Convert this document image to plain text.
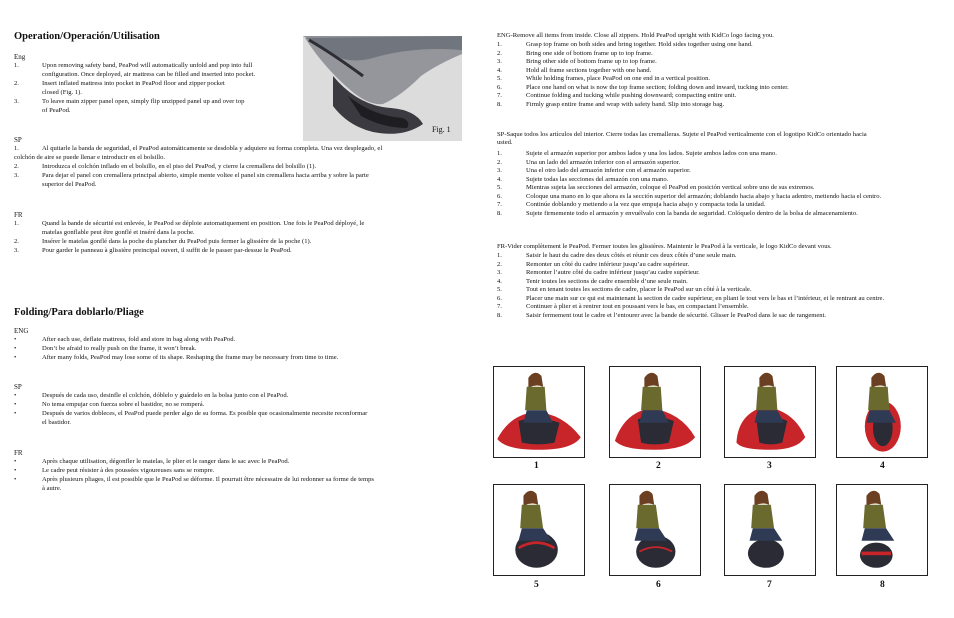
Operation/Operación/Utilisation
Fig. 1
Eng
1.	Upon removing safety band, PeaPod will automatically unfold and pop into full
configuration. Once deployed, air mattress can be filled and inserted into pocket.
2.	Insert inflated mattress into pocket in PeaPod floor and zipper pocket
closed (Fig. 1).
3.	To leave main zipper panel open, simply flip unzipped panel up and over top
of PeaPod.
SP
1.	Al quitarle la banda de seguridad, el PeaPod automáticamente se desdobla y adquiere su forma completa. Una vez desplegado, el
colchón de aire se puede llenar e introducir en el bolsillo.
2.	Introduzca el colchón inflado en el bolsillo, en el piso del PeaPod, y cierre la cremallera del bolsillo (1).
3.	Para dejar el panel con cremallera principal abierto, simple mente voltee el panel sin cremallera hacia arriba y sobre la parte
superior del PeaPod.
FR
1.	Quand la bande de sécurité est enlevée, le PeaPod se déploie automatiquement en position. Une fois le PeaPod déployé, le
matelas gonflable peut être gonflé et inséré dans la poche.
2.	Insérer le matelas gonflé dans la poche du plancher du PeaPod puis fermer la glissière de la poche (1).
3.	Pour garder le panneau à glissière preincipal ouvert, il suffit de le passer par-dessue le PeaPod.
Folding/Para doblarlo/Pliage
ENG
•	After each use, deflate mattress, fold and store in bag along with PeaPod.
•	Don’t be afraid to really push on the frame, it won’t break.
•	After many folds, PeaPod may lose some of its shape. Reshaping the frame may be necessary from time to time.
SP
•	Después de cada uso, desinfle el colchón, dóblelo y guárdelo en la bolsa junto con el PeaPod.
•	No tema empujar con fuerza sobre el bastidor, no se romperá.
•	Después de varios dobleces, el PeaPod puede perder algo de su forma. Es posible que ocasionalmente necesite reconformar
el bastidor.
FR
•	Après chaque utilisation, dégonfler le matelas, le plier et le ranger dans le sac avec le PeaPod.
•	Le cadre peut résister à des poussées vigoureuses sans se rompre.
•	Après plusieurs pliages, il est possible que le PeaPod se déforme. Il pourrait être nécessaire de lui redonner sa forme de temps
à autre.
ENG-Remove all items from inside. Close all zippers. Hold PeaPod upright with KidCo logo facing you.
1.	Grasp top frame on both sides and bring together. Hold sides together using one hand.
2.	Bring one side of bottom frame up to top frame.
3.	Bring other side of bottom frame up to top frame.
4.	Hold all frame sections together with one hand.
5.	While holding frames, place PeaPod on one end in a vertical position.
6.	Place one hand on what is now the top frame section; folding down and inward, tucking into center.
7.	Continue folding and tucking while pushing downward; compacting entire unit.
8.	Firmly grasp entire frame and wrap with safety band. Slip into storage bag.
SP-Saque todos los artículos del interior. Cierre todas las cremalleras. Sujete el PeaPod verticalmente con el logotipo KidCo orientado hacia
usted.
1.	Sujete el armazón superior por ambos lados y una los lados. Sujete ambos lados con una mano.
2.	Una un lado del armazón inferior con el armazón superior.
3.	Una el otro lado del armazón inferior con el armazón superior.
4.	Sujete todas las secciones del armazón con una mano.
5.	Mientras sujeta las secciones del armazón, coloque el PeaPod en posición vertical sobre uno de sus extremos.
6.	Coloque una mano en lo que ahora es la sección superior del armazón; doblando hacia abajo y hacia adentro, metiendo hacia el centro.
7.	Continúe doblando y metiendo a la vez que empuja hacia abajo y compacta toda la unidad.
8.	Sujete firmemente todo el armazón y envuélvalo con la banda de seguridad. Colóquelo dentro de la bolsa de almacenamiento.
FR-Vider complètement le PeaPod. Fermer toutes les glissières. Maintenir le PeaPod à la verticale, le logo KidCo devant vous.
1.	Saisir le haut du cadre des deux côtés et réunir ces deux côtés d’une seule main.
2.	Remonter un côté du cadre inférieur jusqu’au cadre supérieur.
3.	Remonter l’autre côté du cadre inférieur jusqu’au cadre supérieur.
4.	Tenir toutes les sections de cadre ensemble d’une seule main.
5.	Tout en tenant toutes les sections de cadre, placer le PeaPod sur un côté à la verticale.
6.	Placer une main sur ce qui est maintenant la section de cadre supérieur, en pliant le tout vers le bas et l’intérieur, et le rentrant au centre.
7.	Continuer à plier et à rentrer tout en poussant vers le bas, en compactant l’ensemble.
8.	Saisir fermement tout le cadre et l’entourer avec la bande de sécurité. Glisser le PeaPod dans le sac de rangement.
1	2	3	4
5	6	7	8
